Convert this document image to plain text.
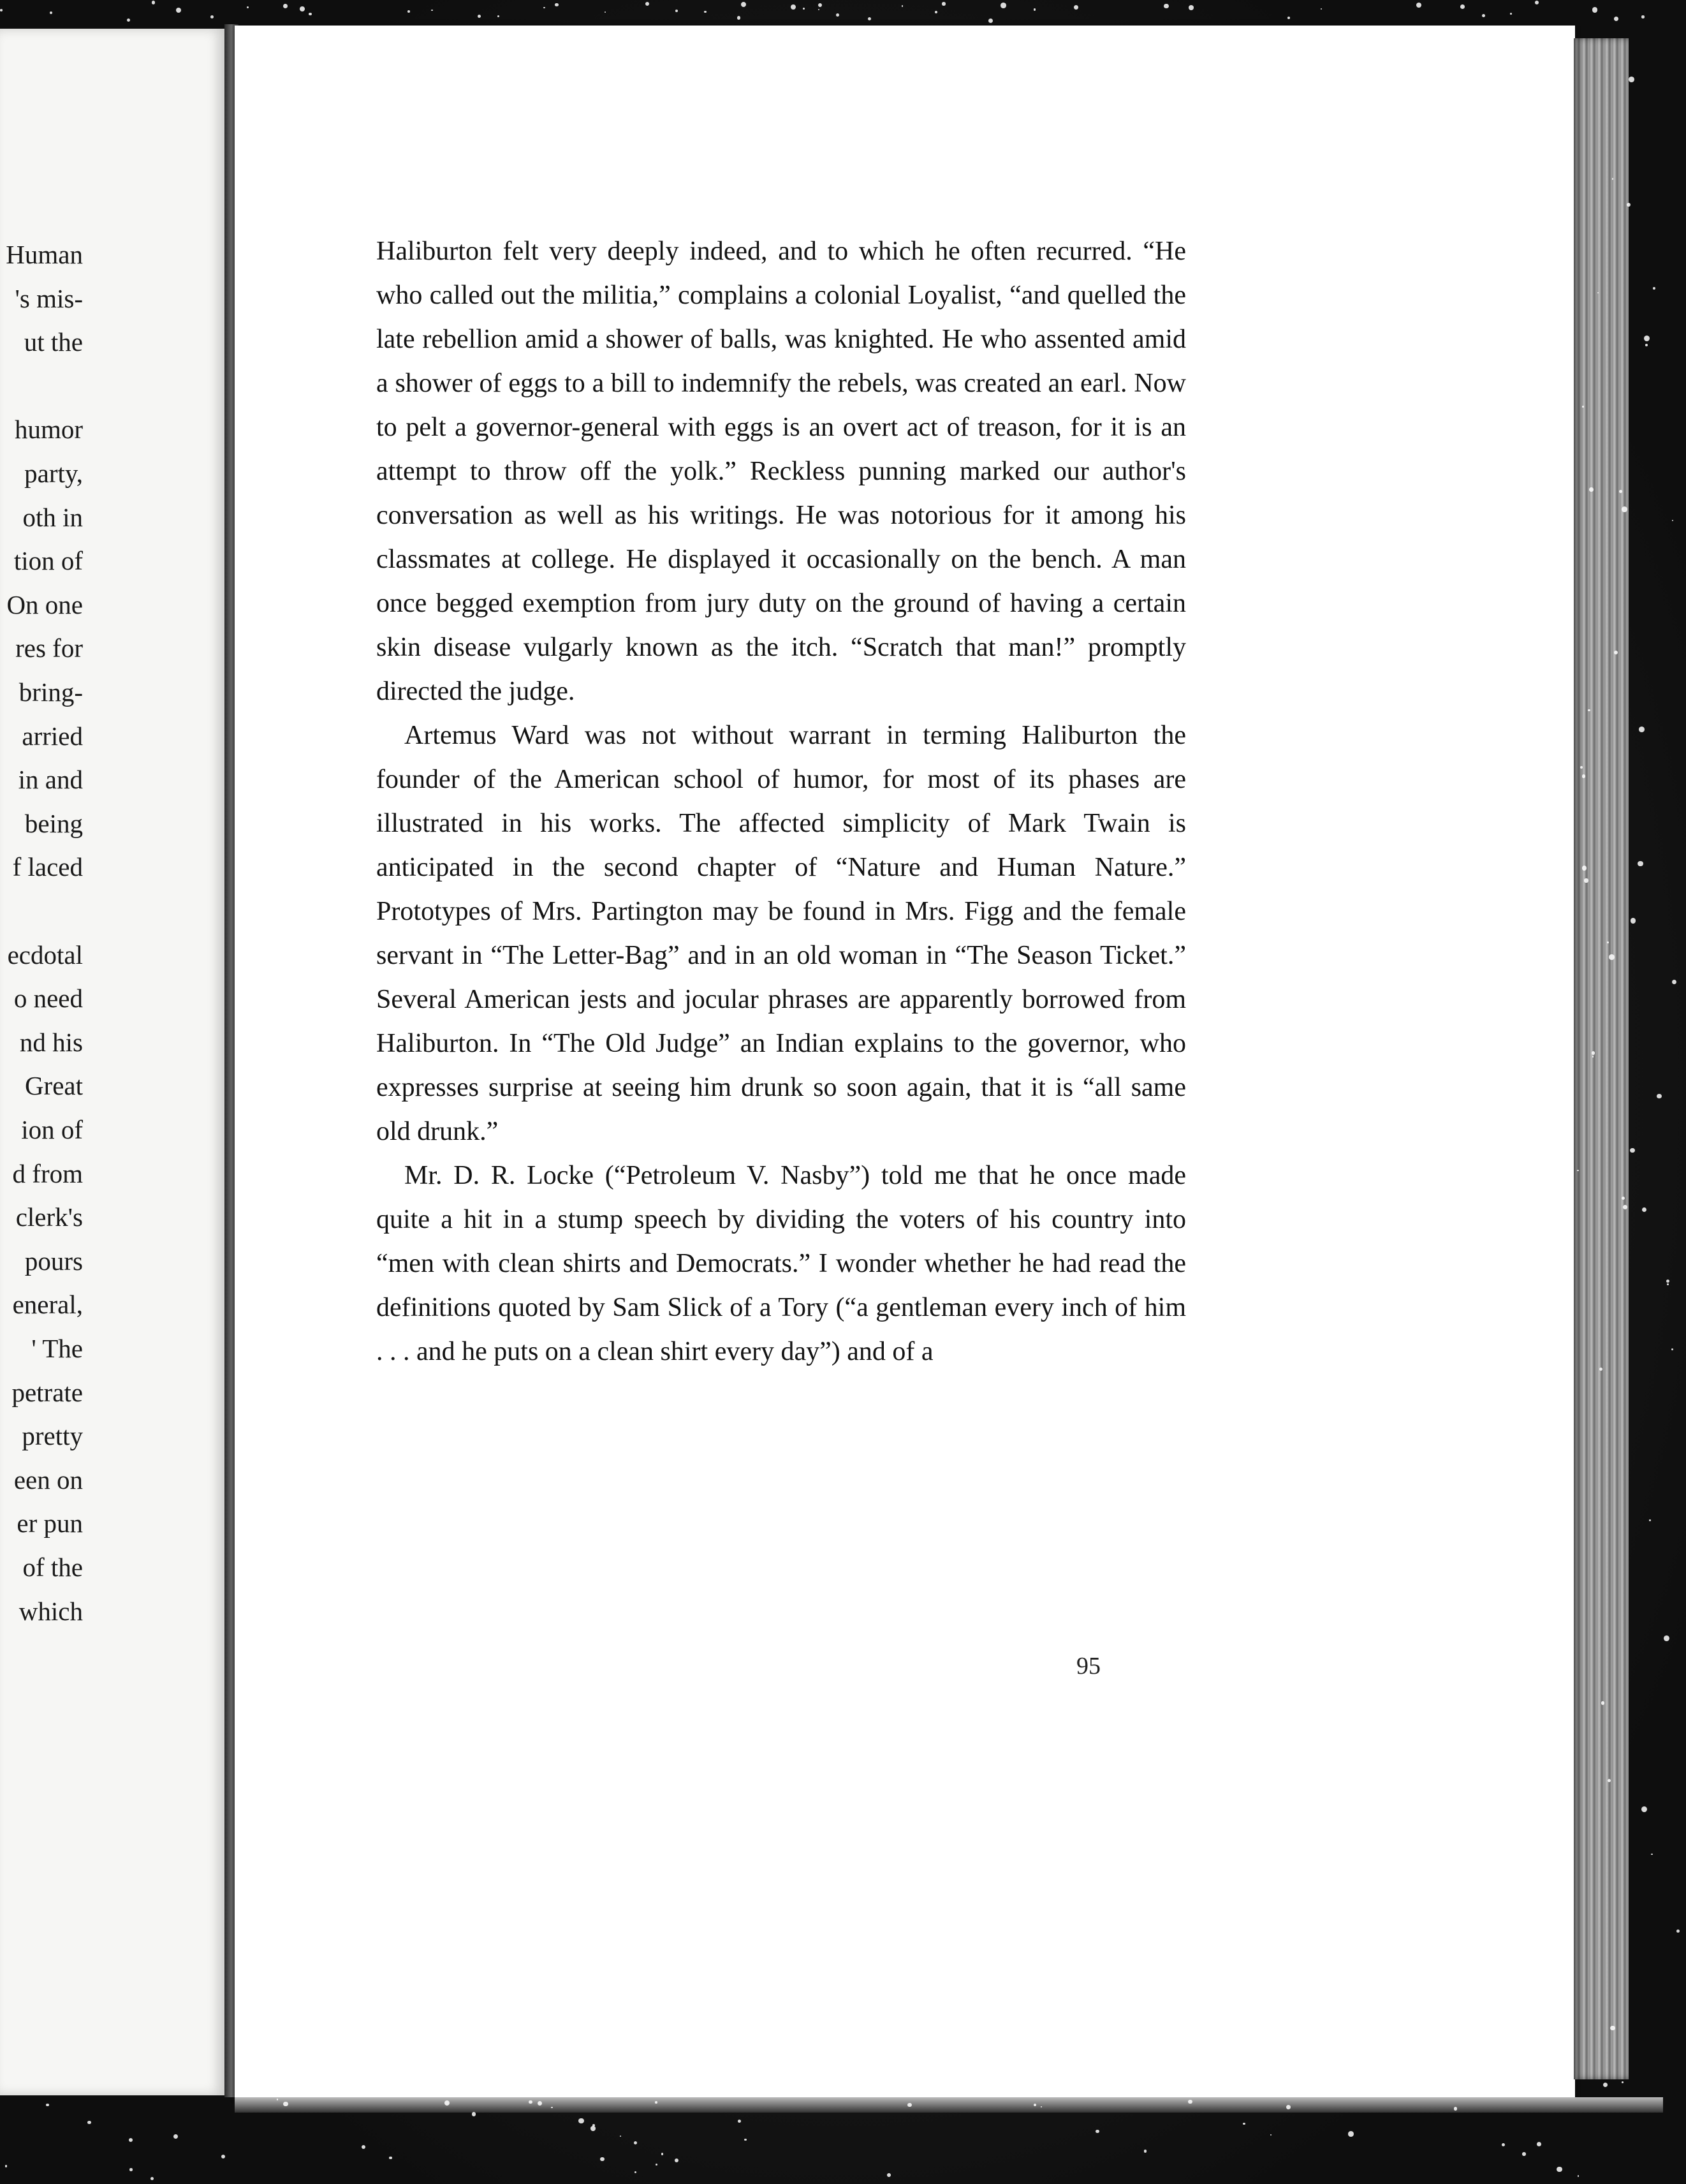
Human
's mis-
ut the
humor
party,
oth in
tion of
On one
res for
bring-
arried
in and
being
f laced
ecdotal
o need
nd his
Great
ion of
d from
clerk's
pours
eneral,
' The
petrate
pretty
een on
er pun
of the
which

Haliburton felt very deeply indeed, and to which he often recurred. “He who called out the militia,” complains a colonial Loyalist, “and quelled the late rebellion amid a shower of balls, was knighted. He who assented amid a shower of eggs to a bill to indemnify the rebels, was created an earl. Now to pelt a governor-general with eggs is an overt act of treason, for it is an attempt to throw off the yolk.” Reckless punning marked our author's conversation as well as his writings. He was notorious for it among his classmates at college. He displayed it occasionally on the bench. A man once begged exemption from jury duty on the ground of having a certain skin disease vulgarly known as the itch. “Scratch that man!” promptly directed the judge.

Artemus Ward was not without warrant in terming Haliburton the founder of the American school of humor, for most of its phases are illustrated in his works. The affected simplicity of Mark Twain is anticipated in the second chapter of “Nature and Human Nature.” Prototypes of Mrs. Partington may be found in Mrs. Figg and the female servant in “The Letter-Bag” and in an old woman in “The Season Ticket.” Several American jests and jocular phrases are apparently borrowed from Haliburton. In “The Old Judge” an Indian explains to the governor, who expresses surprise at seeing him drunk so soon again, that it is “all same old drunk.”

Mr. D. R. Locke (“Petroleum V. Nasby”) told me that he once made quite a hit in a stump speech by dividing the voters of his country into “men with clean shirts and Democrats.” I wonder whether he had read the definitions quoted by Sam Slick of a Tory (“a gentleman every inch of him . . . and he puts on a clean shirt every day”) and of a

95
